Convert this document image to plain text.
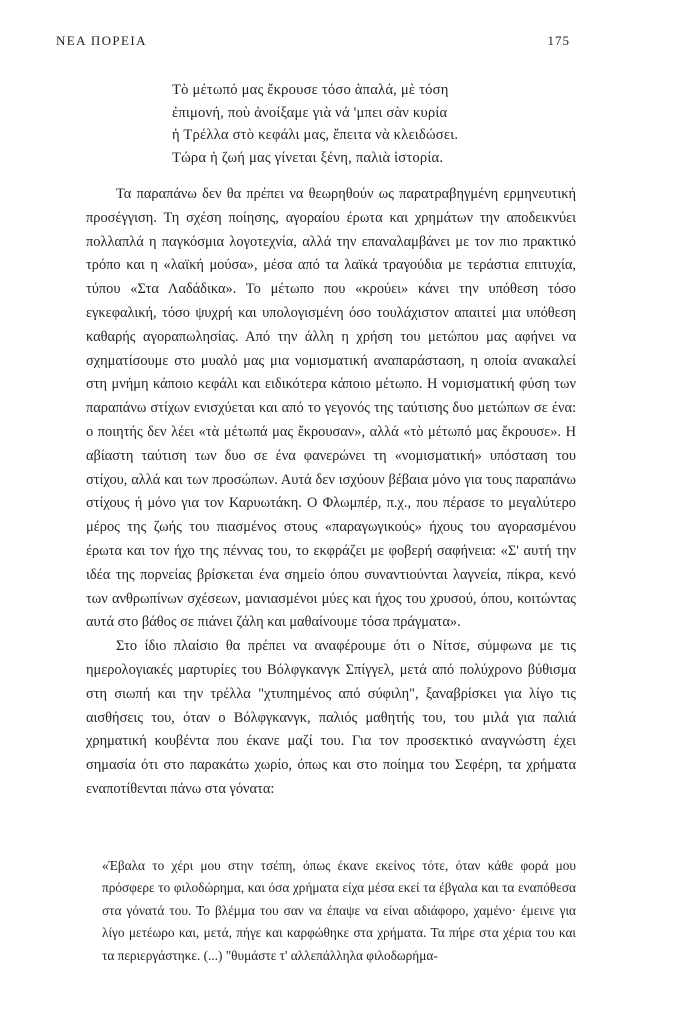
ΝΕΑ ΠΟΡΕΙΑ	175
Τὸ μέτωπό μας ἔκρουσε τόσο ἁπαλά, μὲ τόση
ἐπιμονή, ποὺ ἀνοίξαμε γιὰ νά 'μπει σὰν κυρία
ἡ Τρέλλα στὸ κεφάλι μας, ἔπειτα νὰ κλειδώσει.
Τώρα ἡ ζωή μας γίνεται ξένη, παλιὰ ἱστορία.

Τα παραπάνω δεν θα πρέπει να θεωρηθούν ως παρατραβηγμένη ερμηνευτική προσέγγιση. Τη σχέση ποίησης, αγοραίου έρωτα και χρημάτων την αποδεικνύει πολλαπλά η παγκόσμια λογοτεχνία, αλλά την επαναλαμβάνει με τον πιο πρακτικό τρόπο και η «λαϊκή μούσα», μέσα από τα λαϊκά τραγούδια με τεράστια επιτυχία, τύπου «Στα Λαδάδικα». Το μέτωπο που «κρούει» κάνει την υπόθεση τόσο εγκεφαλική, τόσο ψυχρή και υπολογισμένη όσο τουλάχιστον απαιτεί μια υπόθεση καθαρής αγοραπωλησίας. Από την άλλη η χρήση του μετώπου μας αφήνει να σχηματίσουμε στο μυαλό μας μια νομισματική αναπαράσταση, η οποία ανακαλεί στη μνήμη κάποιο κεφάλι και ειδικότερα κάποιο μέτωπο. Η νομισματική φύση των παραπάνω στίχων ενισχύεται και από το γεγονός της ταύτισης δυο μετώπων σε ένα: ο ποιητής δεν λέει «τὰ μέτωπά μας ἔκρουσαν», αλλά «τὸ μέτωπό μας ἔκρουσε». Η αβίαστη ταύτιση των δυο σε ένα φανερώνει τη «νομισματική» υπόσταση του στίχου, αλλά και των προσώπων. Αυτά δεν ισχύουν βέβαια μόνο για τους παραπάνω στίχους ή μόνο για τον Καρυωτάκη. Ο Φλωμπέρ, π.χ., που πέρασε το μεγαλύτερο μέρος της ζωής του πιασμένος στους «παραγωγικούς» ήχους του αγορασμένου έρωτα και τον ήχο της πέννας του, το εκφράζει με φοβερή σαφήνεια: «Σ' αυτή την ιδέα της πορνείας βρίσκεται ένα σημείο όπου συναντιούνται λαγνεία, πίκρα, κενό των ανθρωπίνων σχέσεων, μανιασμένοι μύες και ήχος του χρυσού, όπου, κοιτώντας αυτά στο βάθος σε πιάνει ζάλη και μαθαίνουμε τόσα πράγματα».

Στο ίδιο πλαίσιο θα πρέπει να αναφέρουμε ότι ο Νίτσε, σύμφωνα με τις ημερολογιακές μαρτυρίες του Βόλφγκανγκ Σπίγγελ, μετά από πολύχρονο βύθισμα στη σιωπή και την τρέλλα "χτυπημένος από σύφιλη", ξαναβρίσκει για λίγο τις αισθήσεις του, όταν ο Βόλφγκανγκ, παλιός μαθητής του, του μιλά για παλιά χρηματική κουβέντα που έκανε μαζί του. Για τον προσεκτικό αναγνώστη έχει σημασία ότι στο παρακάτω χωρίο, όπως και στο ποίημα του Σεφέρη, τα χρήματα εναποτίθενται πάνω στα γόνατα:

«Έβαλα το χέρι μου στην τσέπη, όπως έκανε εκείνος τότε, όταν κάθε φορά μου πρόσφερε το φιλοδώρημα, και όσα χρήματα είχα μέσα εκεί τα έβγαλα και τα εναπόθεσα στα γόνατά του. Το βλέμμα του σαν να έπαψε να είναι αδιάφορο, χαμένο· έμεινε για λίγο μετέωρο και, μετά, πήγε και καρφώθηκε στα χρήματα. Τα πήρε στα χέρια του και τα περιεργάστηκε. (...) "θυμάστε τ' αλλεπάλληλα φιλοδωρήμα-
